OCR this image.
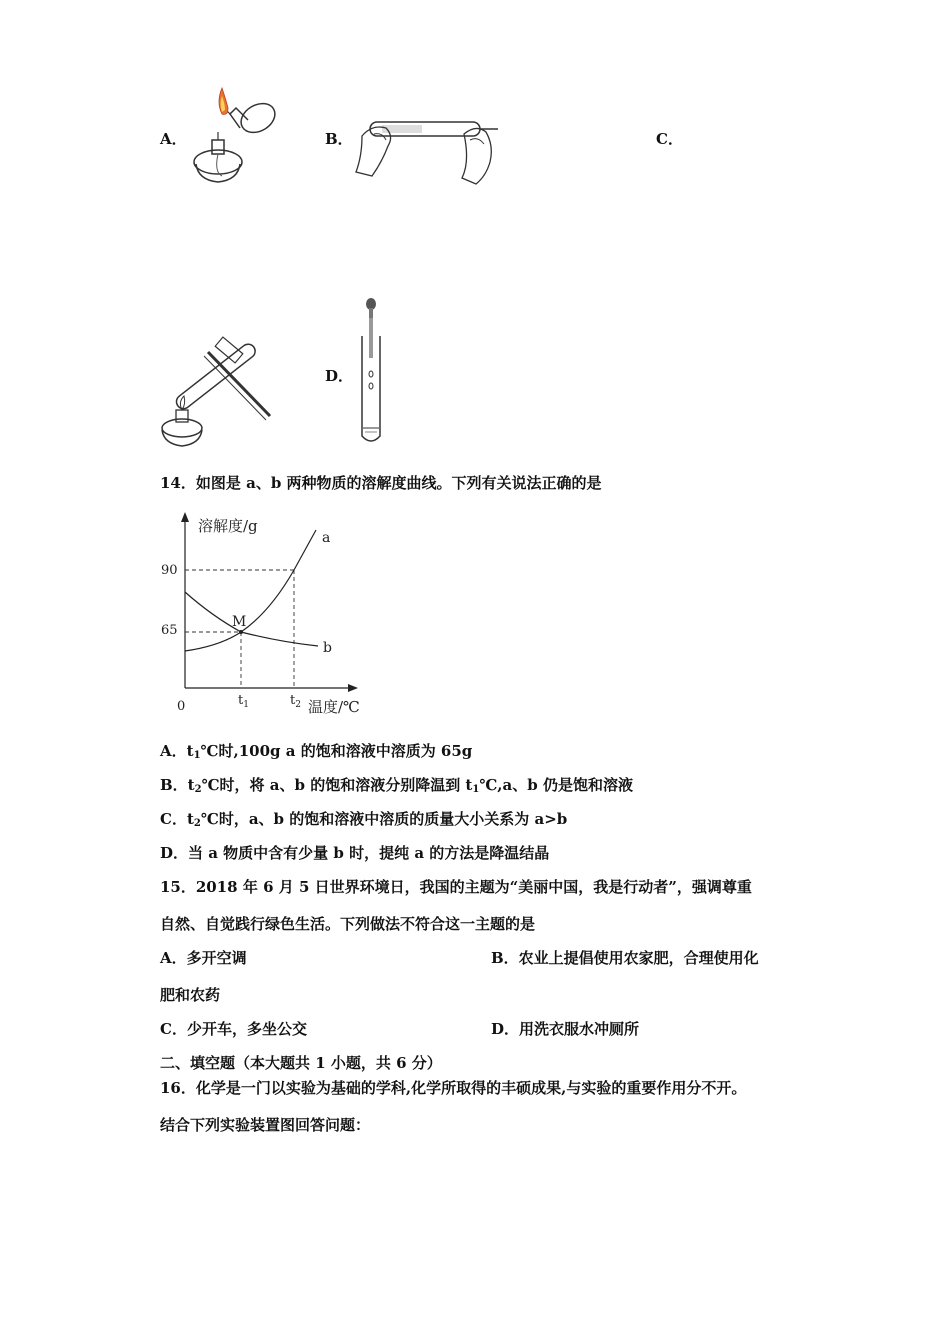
A．	B．	C．
D．
14．如图是 a、b 两种物质的溶解度曲线。下列有关说法正确的是
溶解度/g
温度/℃
0
90
65
$t_1$	$t_2$
M
a
b
A．$t_1℃$时,100g a 的饱和溶液中溶质为 65g
B．$t_2℃$时，将 a、b 的饱和溶液分别降温到 $t_1℃,a$、b 仍是饱和溶液
C．$t_2℃$时，a、b 的饱和溶液中溶质的质量大小关系为 a>b
D．当 a 物质中含有少量 b 时，提纯 a 的方法是降温结晶
15．2018 年 6 月 5 日世界环境日，我国的主题为“美丽中国，我是行动者”，强调尊重
自然、自觉践行绿色生活。下列做法不符合这一主题的是
A．多开空调	B．农业上提倡使用农家肥，合理使用化
肥和农药
C．少开车，多坐公交	D．用洗衣服水冲厕所
二、填空题（本大题共 1 小题，共 6 分）
16．化学是一门以实验为基础的学科,化学所取得的丰硕成果,与实验的重要作用分不开。
结合下列实验装置图回答问题：
